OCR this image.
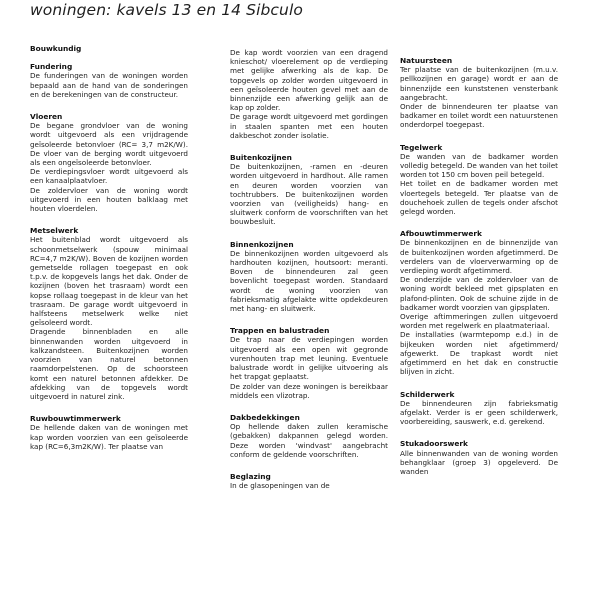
woningen: kavels 13 en 14 Sibculo
Bouwkundig
Fundering

De funderingen van de woningen worden bepaald aan de hand van de sonderingen en de berekeningen van de constructeur.

Vloeren

De begane grondvloer van de woning wordt uitgevoerd als een vrijdragende geïsoleerde betonvloer (RC= 3,7 m2K/W). De vloer van de berging wordt uitgevoerd als een ongeïsoleerde betonvloer.

De verdiepingsvloer wordt uitgevoerd als een kanaalplaatvloer.

De zoldervloer van de woning wordt uitgevoerd in een houten balklaag met houten vloerdelen.

Metselwerk

Het buitenblad wordt uitgevoerd als schoonmetselwerk (spouw minimaal RC=4,7 m2K/W). Boven de kozijnen worden gemetselde rollagen toegepast en ook t.p.v. de kopgevels langs het dak. Onder de kozijnen (boven het trasraam) wordt een kopse rollaag toegepast in de kleur van het trasraam. De garage wordt uitgevoerd in halfsteens metselwerk welke niet geïsoleerd wordt.

Dragende binnenbladen en alle binnenwanden worden uitgevoerd in kalkzandsteen. Buitenkozijnen worden voorzien van naturel betonnen raamdorpelstenen. Op de schoorsteen komt een naturel betonnen afdekker. De afdekking van de topgevels wordt uitgevoerd in naturel zink.

Ruwbouwtimmerwerk

De hellende daken van de woningen met kap worden voorzien van een geïsoleerde kap (RC=6,3m2K/W). Ter plaatse van

De kap wordt voorzien van een dragend knieschot/ vloerelement op de verdieping met gelijke afwerking als de kap. De topgevels op zolder worden uitgevoerd in een geïsoleerde houten gevel met aan de binnenzijde een afwerking gelijk aan de kap op zolder.

De garage wordt uitgevoerd met gordingen in staalen spanten met een houten dakbeschot zonder isolatie.

Buitenkozijnen

De buitenkozijnen, -ramen en -deuren worden uitgevoerd in hardhout. Alle ramen en deuren worden voorzien van tochtrubbers. De buitenkozijnen worden voorzien van (veiligheids) hang- en sluitwerk conform de voorschriften van het bouwbesluit.

Binnenkozijnen

De binnenkozijnen worden uitgevoerd als hardhouten kozijnen, houtsoort: meranti. Boven de binnendeuren zal geen bovenlicht toegepast worden. Standaard wordt de woning voorzien van fabrieksmatig afgelakte witte opdekdeuren met hang- en sluitwerk.

Trappen en balustraden

De trap naar de verdiepingen worden uitgevoerd als een open wit gegronde vurenhouten trap met leuning. Eventuele balustrade wordt in gelijke uitvoering als het trapgat geplaatst.

De zolder van deze woningen is bereikbaar middels een vlizotrap.

Dakbedekkingen

Op hellende daken zullen keramische (gebakken) dakpannen gelegd worden. Deze worden 'windvast' aangebracht conform de geldende voorschriften.

Beglazing

In de glasopeningen van de

Natuursteen

Ter plaatse van de buitenkozijnen (m.u.v. pellkozijnen en garage) wordt er aan de binnenzijde een kunststenen vensterbank aangebracht.

Onder de binnendeuren ter plaatse van badkamer en toilet wordt een natuurstenen onderdorpel toegepast.

Tegelwerk

De wanden van de badkamer worden volledig betegeld. De wanden van het toilet worden tot 150 cm boven peil betegeld.

Het toilet en de badkamer worden met vloertegels betegeld. Ter plaatse van de douchehoek zullen de tegels onder afschot gelegd worden.

Afbouwtimmerwerk

De binnenkozijnen en de binnenzijde van de buitenkozijnen worden afgetimmerd. De verdelers van de vloerverwarming op de verdieping wordt afgetimmerd.

De onderzijde van de zoldervloer van de woning wordt bekleed met gipsplaten en plafond-plinten. Ook de schuine zijde in de badkamer wordt voorzien van gipsplaten.

Overige aftimmeringen zullen uitgevoerd worden met regelwerk en plaatmateriaal.

De installaties (warmtepomp e.d.) in de bijkeuken worden niet afgetimmerd/ afgewerkt. De trapkast wordt niet afgetimmerd en het dak en constructie blijven in zicht.

Schilderwerk

De binnendeuren zijn fabrieksmatig afgelakt. Verder is er geen schilderwerk, voorbereiding, sauswerk, e.d. gerekend.

Stukadoorswerk

Alle binnenwanden van de woning worden behangklaar (groep 3) opgeleverd. De wanden
